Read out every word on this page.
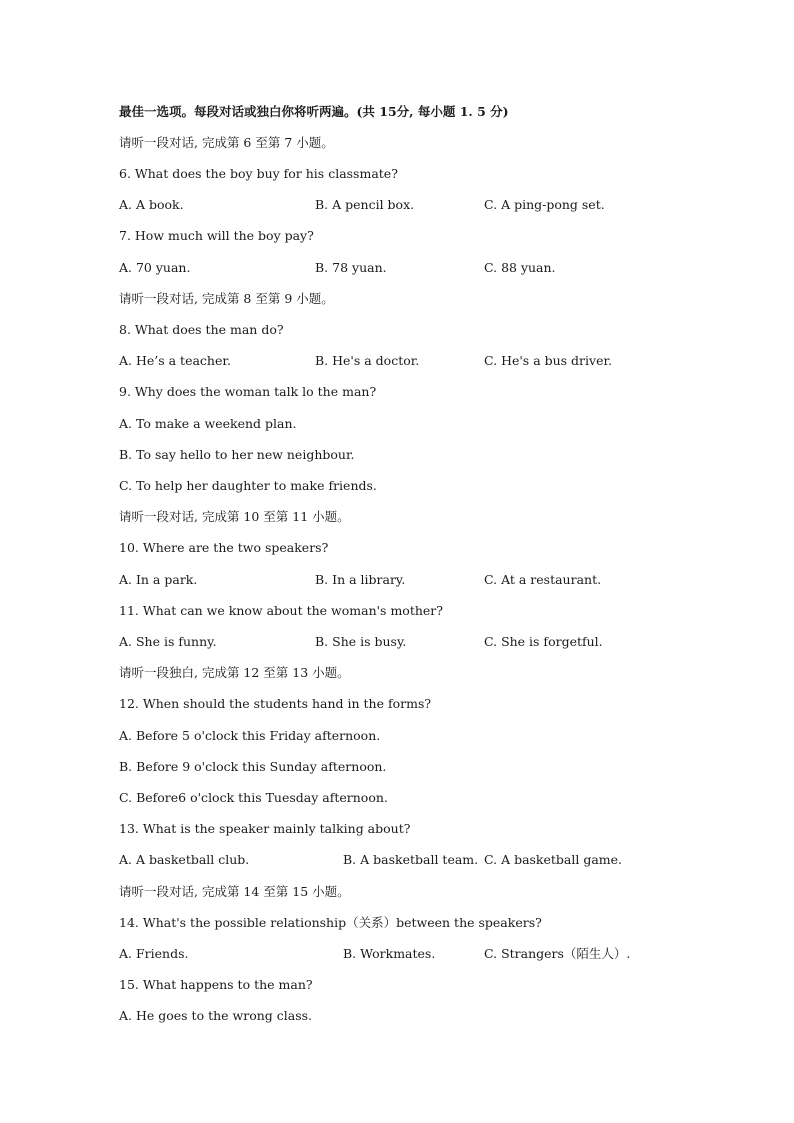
最佳一选项。每段对话或独白你将听两遍。(共 15分, 每小题 1. 5 分)
请听一段对话, 完成第 6 至第 7 小题。
6. What does the boy buy for his classmate?
A. A book.	B. A pencil box.	C. A ping-pong set.
7. How much will the boy pay?
A. 70 yuan.	B. 78 yuan.	C. 88 yuan.
请听一段对话, 完成第 8 至第 9 小题。
8. What does the man do?
A. He’s a teacher.	B. He's a doctor.	C. He's a bus driver.
9. Why does the woman talk lo the man?
A. To make a weekend plan.
B. To say hello to her new neighbour.
C. To help her daughter to make friends.
请听一段对话, 完成第 10 至第 11 小题。
10. Where are the two speakers?
A. In a park.	B. In a library.	C. At a restaurant.
11. What can we know about the woman's mother?
A. She is funny.	B. She is busy.	C. She is forgetful.
请听一段独白, 完成第 12 至第 13 小题。
12. When should the students hand in the forms?
A. Before 5 o'clock this Friday afternoon.
B. Before 9 o'clock this Sunday afternoon.
C. Before6 o'clock this Tuesday afternoon.
13. What is the speaker mainly talking about?
A. A basketball club.	B. A basketball team. C. A basketball game.
请听一段对话, 完成第 14 至第 15 小题。
14. What's the possible relationship（关系）between the speakers?
A. Friends.	B. Workmates.	C. Strangers（陌生人）.
15. What happens to the man?
A. He goes to the wrong class.
